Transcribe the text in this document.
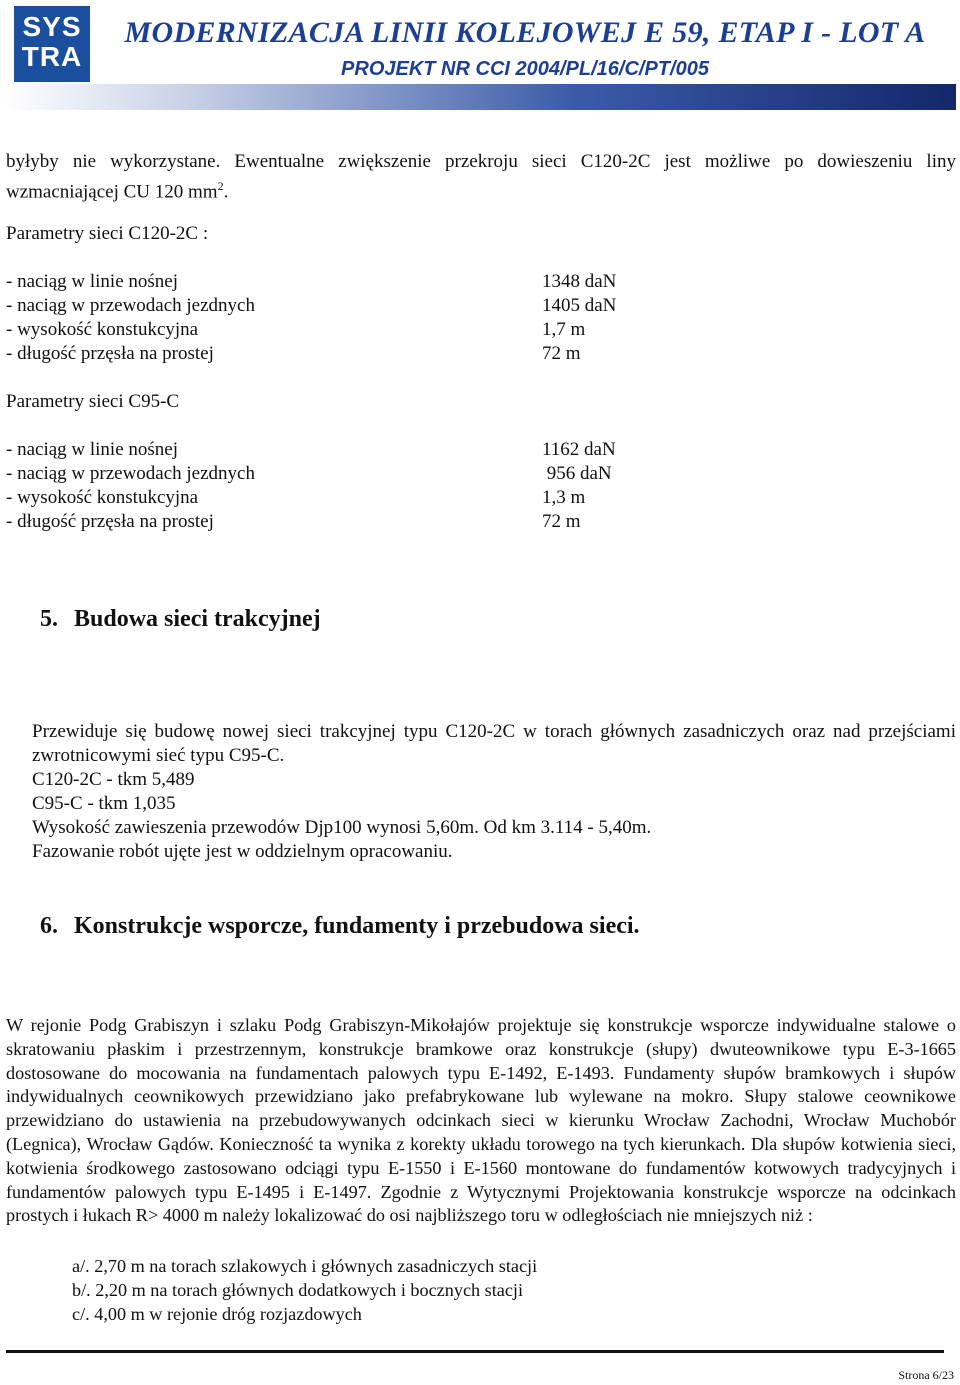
SYS
TRA
MODERNIZACJA LINII KOLEJOWEJ E 59, ETAP I - LOT A
PROJEKT NR CCI 2004/PL/16/C/PT/005

byłyby nie wykorzystane. Ewentualne zwiększenie przekroju sieci C120-2C jest możliwe po dowieszeniu liny wzmacniającej CU 120 $mm^2$.

Parametry sieci C120-2C :
- naciąg w linie nośnej	1348 daN
- naciąg w przewodach jezdnych	1405 daN
- wysokość konstukcyjna	1,7 m
- długość przęsła na prostej	72 m
Parametry sieci C95-C
- naciąg w linie nośnej	1162 daN
- naciąg w przewodach jezdnych	956 daN
- wysokość konstukcyjna	1,3 m
- długość przęsła na prostej	72 m
5. Budowa sieci trakcyjnej

Przewiduje się budowę nowej sieci trakcyjnej typu C120-2C w torach głównych zasadniczych oraz nad przejściami zwrotnicowymi sieć typu C95-C.

C120-2C - tkm 5,489

C95-C - tkm 1,035

Wysokość zawieszenia przewodów Djp100 wynosi 5,60m. Od km 3.114 - 5,40m.

Fazowanie robót ujęte jest w oddzielnym opracowaniu.

6. Konstrukcje wsporcze, fundamenty i przebudowa sieci.

W rejonie Podg Grabiszyn i szlaku Podg Grabiszyn-Mikołajów projektuje się konstrukcje wsporcze indywidualne stalowe o skratowaniu płaskim i przestrzennym, konstrukcje bramkowe oraz konstrukcje (słupy) dwuteownikowe typu E-3-1665 dostosowane do mocowania na fundamentach palowych typu E-1492, E-1493. Fundamenty słupów bramkowych i słupów indywidualnych ceownikowych przewidziano jako prefabrykowane lub wylewane na mokro. Słupy stalowe ceownikowe przewidziano do ustawienia na przebudowywanych odcinkach sieci w kierunku Wrocław Zachodni, Wrocław Muchobór (Legnica), Wrocław Gądów. Konieczność ta wynika z korekty układu torowego na tych kierunkach. Dla słupów kotwienia sieci, kotwienia środkowego zastosowano odciągi typu E-1550 i E-1560 montowane do fundamentów kotwowych tradycyjnych i fundamentów palowych typu E-1495 i E-1497. Zgodnie z Wytycznymi Projektowania konstrukcje wsporcze na odcinkach prostych i łukach R> 4000 m należy lokalizować do osi najbliższego toru w odległościach nie mniejszych niż :

a/. 2,70 m na torach szlakowych i głównych zasadniczych stacji
b/. 2,20 m na torach głównych dodatkowych i bocznych stacji
c/. 4,00 m w rejonie dróg rozjazdowych
Strona 6/23
